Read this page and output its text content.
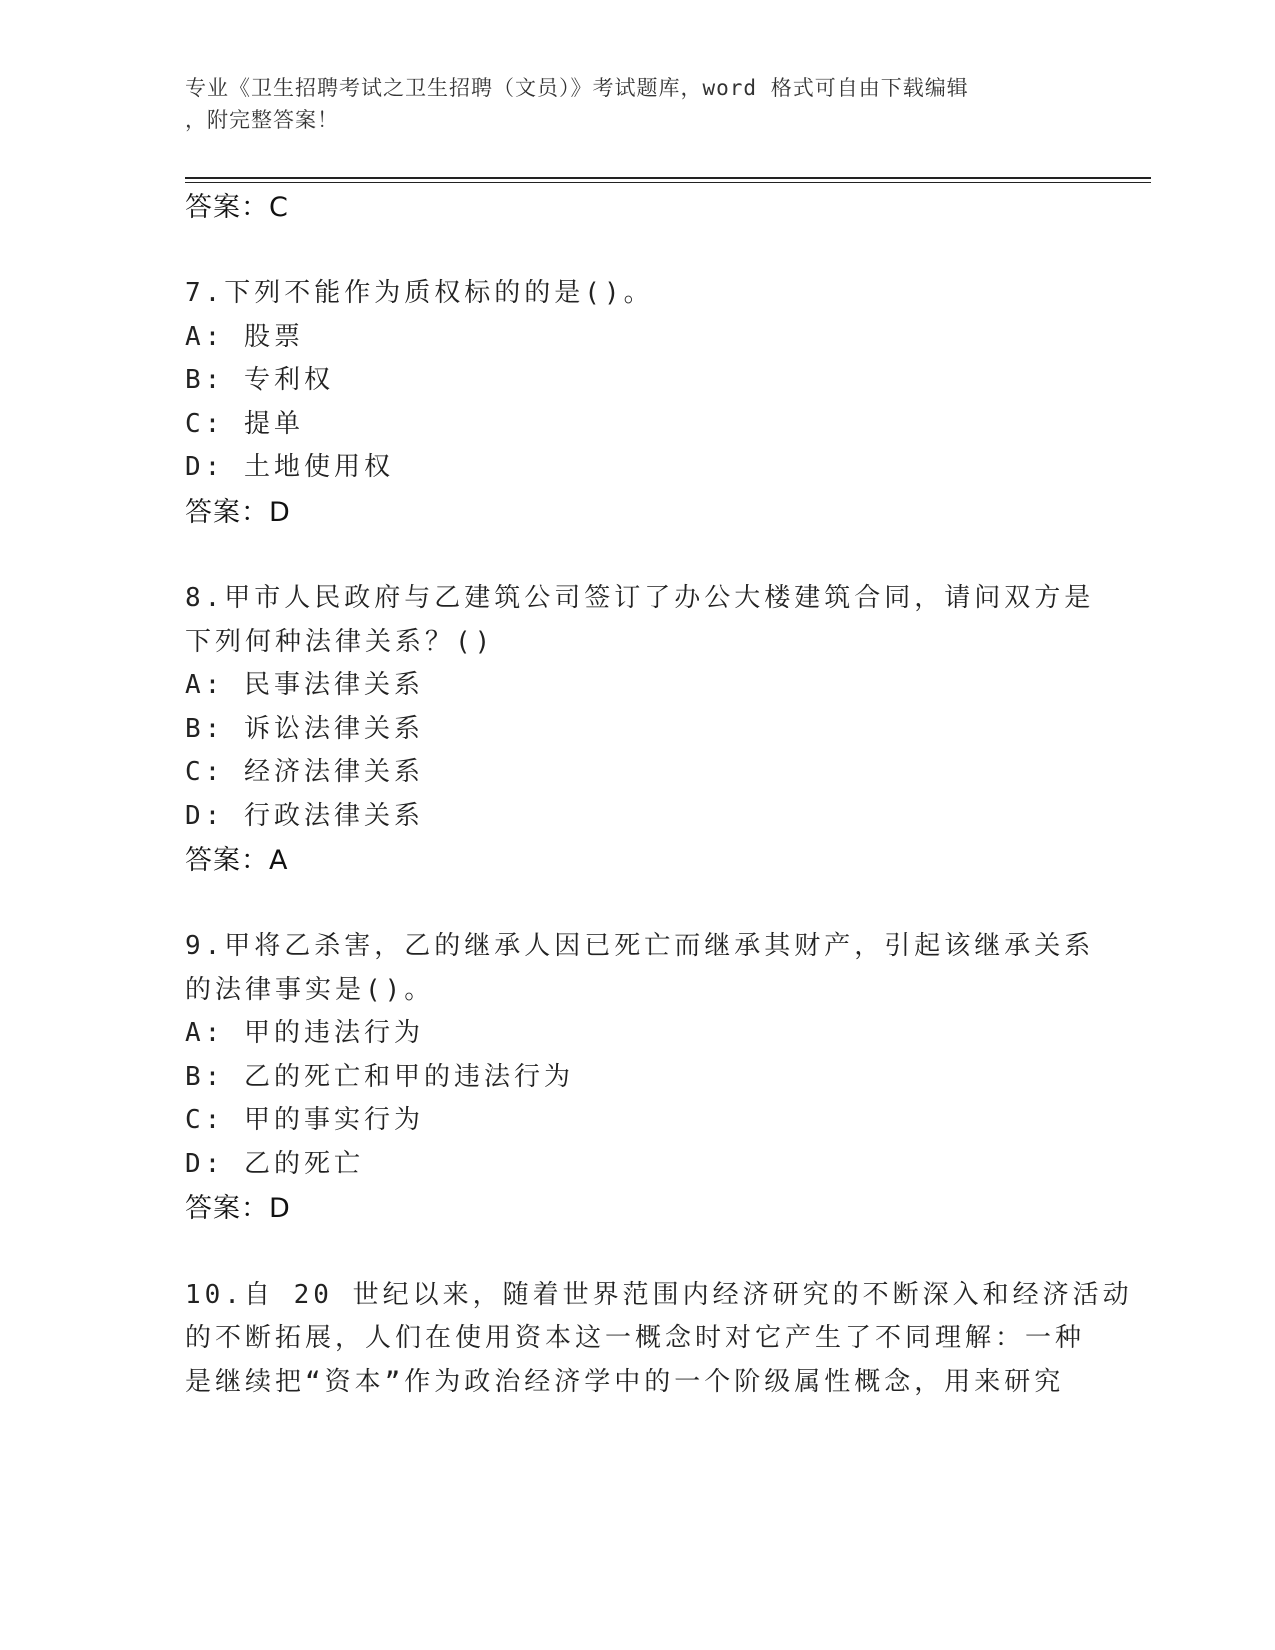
专业《卫生招聘考试之卫生招聘（文员）》考试题库，word 格式可自由下载编辑
，附完整答案！
答案：C
7.下列不能作为质权标的的是()。
A: 股票
B: 专利权
C: 提单
D: 土地使用权
答案：D
8.甲市人民政府与乙建筑公司签订了办公大楼建筑合同，请问双方是
下列何种法律关系？()
A: 民事法律关系
B: 诉讼法律关系
C: 经济法律关系
D: 行政法律关系
答案：A
9.甲将乙杀害，乙的继承人因已死亡而继承其财产，引起该继承关系
的法律事实是()。
A: 甲的违法行为
B: 乙的死亡和甲的违法行为
C: 甲的事实行为
D: 乙的死亡
答案：D
10.自 20 世纪以来，随着世界范围内经济研究的不断深入和经济活动
的不断拓展，人们在使用资本这一概念时对它产生了不同理解：一种
是继续把“资本”作为政治经济学中的一个阶级属性概念，用来研究
